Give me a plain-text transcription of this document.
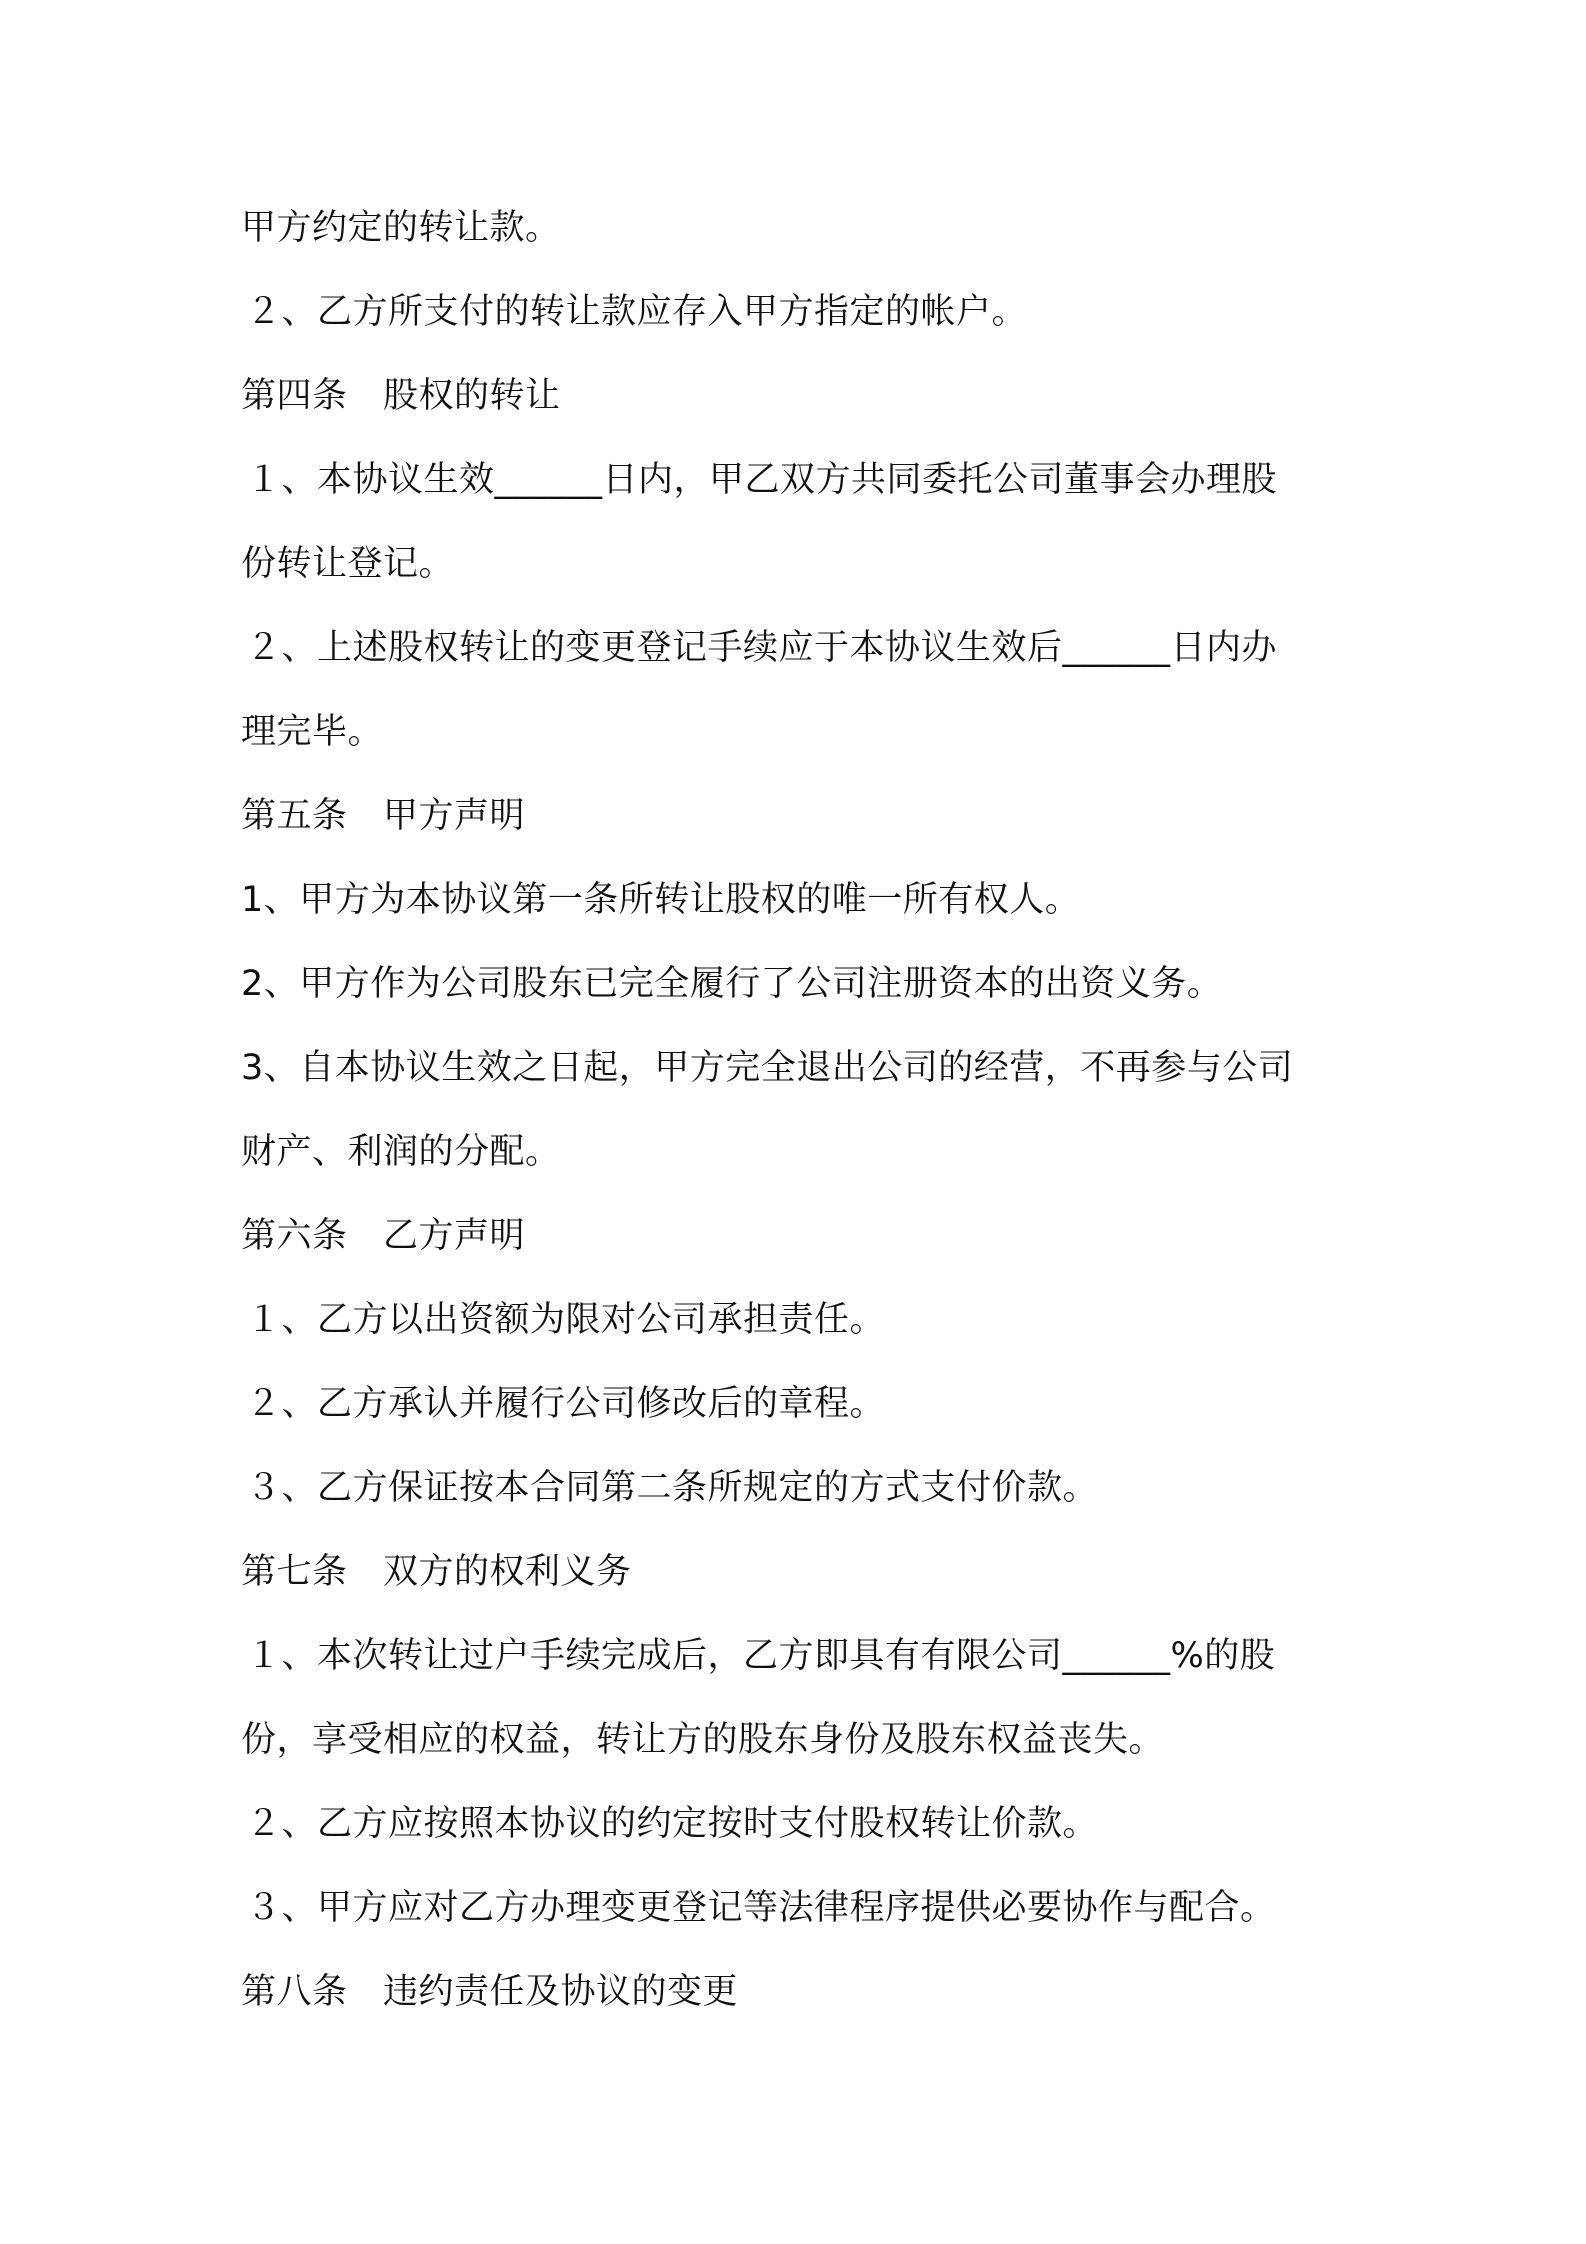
甲方约定的转让款。
２、乙方所支付的转让款应存入甲方指定的帐户。
第四条　股权的转让
１、本协议生效______日内，甲乙双方共同委托公司董事会办理股
份转让登记。
２、上述股权转让的变更登记手续应于本协议生效后______日内办
理完毕。
第五条　甲方声明
1、甲方为本协议第一条所转让股权的唯一所有权人。
2、甲方作为公司股东已完全履行了公司注册资本的出资义务。
3、自本协议生效之日起，甲方完全退出公司的经营，不再参与公司
财产、利润的分配。
第六条　乙方声明
１、乙方以出资额为限对公司承担责任。
２、乙方承认并履行公司修改后的章程。
３、乙方保证按本合同第二条所规定的方式支付价款。
第七条　双方的权利义务
１、本次转让过户手续完成后，乙方即具有有限公司______%的股
份，享受相应的权益，转让方的股东身份及股东权益丧失。
２、乙方应按照本协议的约定按时支付股权转让价款。
３、甲方应对乙方办理变更登记等法律程序提供必要协作与配合。
第八条　违约责任及协议的变更
